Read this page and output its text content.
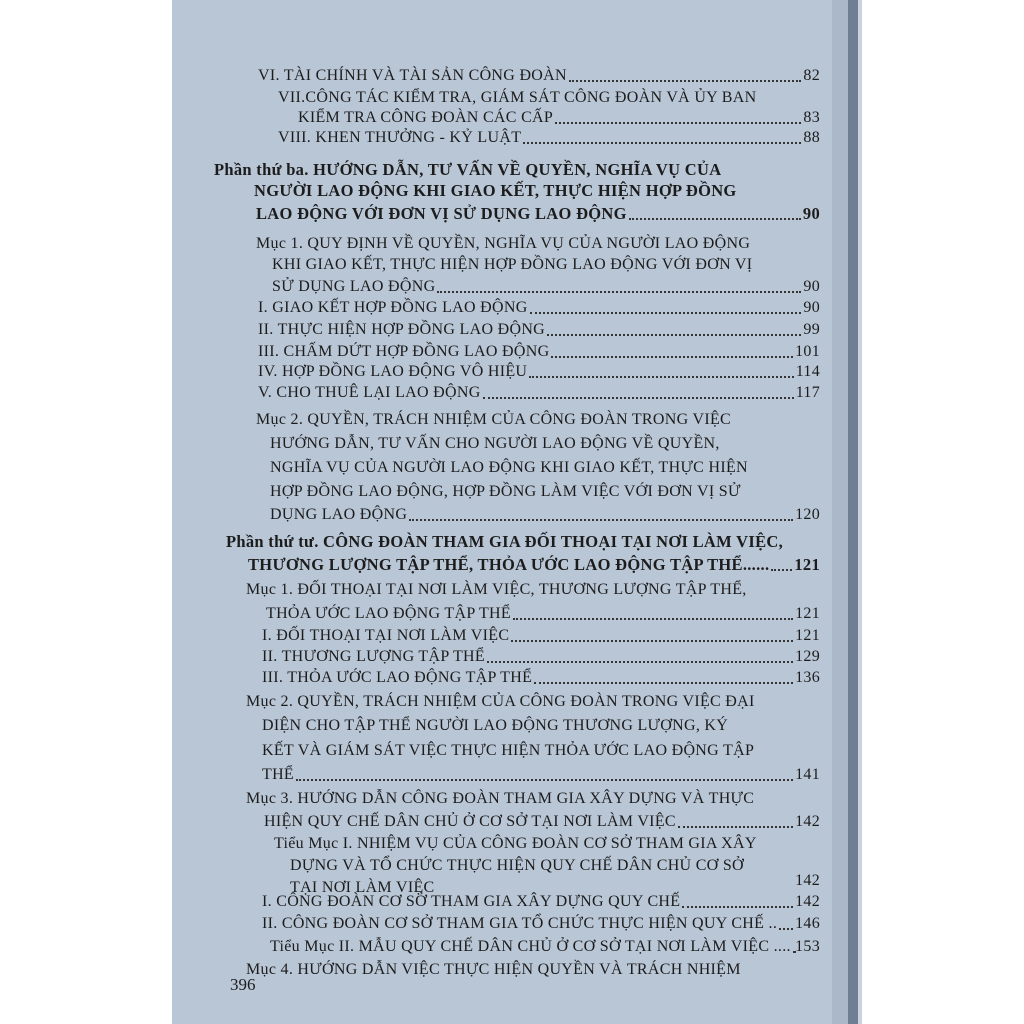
VI. TÀI CHÍNH VÀ TÀI SẢN CÔNG ĐOÀN	82
VII.CÔNG TÁC KIỂM TRA, GIÁM SÁT CÔNG ĐOÀN VÀ ỦY BAN
KIỂM TRA CÔNG ĐOÀN CÁC CẤP	83
VIII. KHEN THƯỞNG - KỶ LUẬT	88
Phần thứ ba. HƯỚNG DẪN, TƯ VẤN VỀ QUYỀN, NGHĨA VỤ CỦA
NGƯỜI LAO ĐỘNG KHI GIAO KẾT, THỰC HIỆN HỢP ĐỒNG
LAO ĐỘNG VỚI ĐƠN VỊ SỬ DỤNG LAO ĐỘNG	90
Mục 1. QUY ĐỊNH VỀ QUYỀN, NGHĨA VỤ CỦA NGƯỜI LAO ĐỘNG
KHI GIAO KẾT, THỰC HIỆN HỢP ĐỒNG LAO ĐỘNG VỚI ĐƠN VỊ
SỬ DỤNG LAO ĐỘNG	90
I. GIAO KẾT HỢP ĐỒNG LAO ĐỘNG	90
II. THỰC HIỆN HỢP ĐỒNG LAO ĐỘNG	99
III. CHẤM DỨT HỢP ĐỒNG LAO ĐỘNG	101
IV. HỢP ĐỒNG LAO ĐỘNG VÔ HIỆU	114
V. CHO THUÊ LẠI LAO ĐỘNG	117
Mục 2. QUYỀN, TRÁCH NHIỆM CỦA CÔNG ĐOÀN TRONG VIỆC
HƯỚNG DẪN, TƯ VẤN CHO NGƯỜI LAO ĐỘNG VỀ QUYỀN,
NGHĨA VỤ CỦA NGƯỜI LAO ĐỘNG KHI GIAO KẾT, THỰC HIỆN
HỢP ĐỒNG LAO ĐỘNG, HỢP ĐỒNG LÀM VIỆC VỚI ĐƠN VỊ SỬ
DỤNG LAO ĐỘNG	120
Phần thứ tư. CÔNG ĐOÀN THAM GIA ĐỐI THOẠI TẠI NƠI LÀM VIỆC,
THƯƠNG LƯỢNG TẬP THỂ, THỎA ƯỚC LAO ĐỘNG TẬP THỂ...... 121
Mục 1. ĐỐI THOẠI TẠI NƠI LÀM VIỆC, THƯƠNG LƯỢNG TẬP THỂ,
THỎA ƯỚC LAO ĐỘNG TẬP THỂ	121
I. ĐỐI THOẠI TẠI NƠI LÀM VIỆC	121
II. THƯƠNG LƯỢNG TẬP THỂ	129
III. THỎA ƯỚC LAO ĐỘNG TẬP THỂ	136
Mục 2. QUYỀN, TRÁCH NHIỆM CỦA CÔNG ĐOÀN TRONG VIỆC ĐẠI
DIỆN CHO TẬP THỂ NGƯỜI LAO ĐỘNG THƯƠNG LƯỢNG, KÝ
KẾT VÀ GIÁM SÁT VIỆC THỰC HIỆN THỎA ƯỚC LAO ĐỘNG TẬP
THỂ	141
Mục 3. HƯỚNG DẪN CÔNG ĐOÀN THAM GIA XÂY DỰNG VÀ THỰC
HIỆN QUY CHẾ DÂN CHỦ Ở CƠ SỞ TẠI NƠI LÀM VIỆC	142
Tiểu Mục I. NHIỆM VỤ CỦA CÔNG ĐOÀN CƠ SỞ THAM GIA XÂY
DỰNG VÀ TỔ CHỨC THỰC HIỆN QUY CHẾ DÂN CHỦ CƠ SỞ
TẠI NƠI LÀM VIỆC	142
I. CÔNG ĐOÀN CƠ SỞ THAM GIA XÂY DỰNG QUY CHẾ	142
II. CÔNG ĐOÀN CƠ SỞ THAM GIA TỔ CHỨC THỰC HIỆN QUY CHẾ .. 146
Tiểu Mục II. MẪU QUY CHẾ DÂN CHỦ Ở CƠ SỞ TẠI NƠI LÀM VIỆC .... 153
Mục 4. HƯỚNG DẪN VIỆC THỰC HIỆN QUYỀN VÀ TRÁCH NHIỆM
396
